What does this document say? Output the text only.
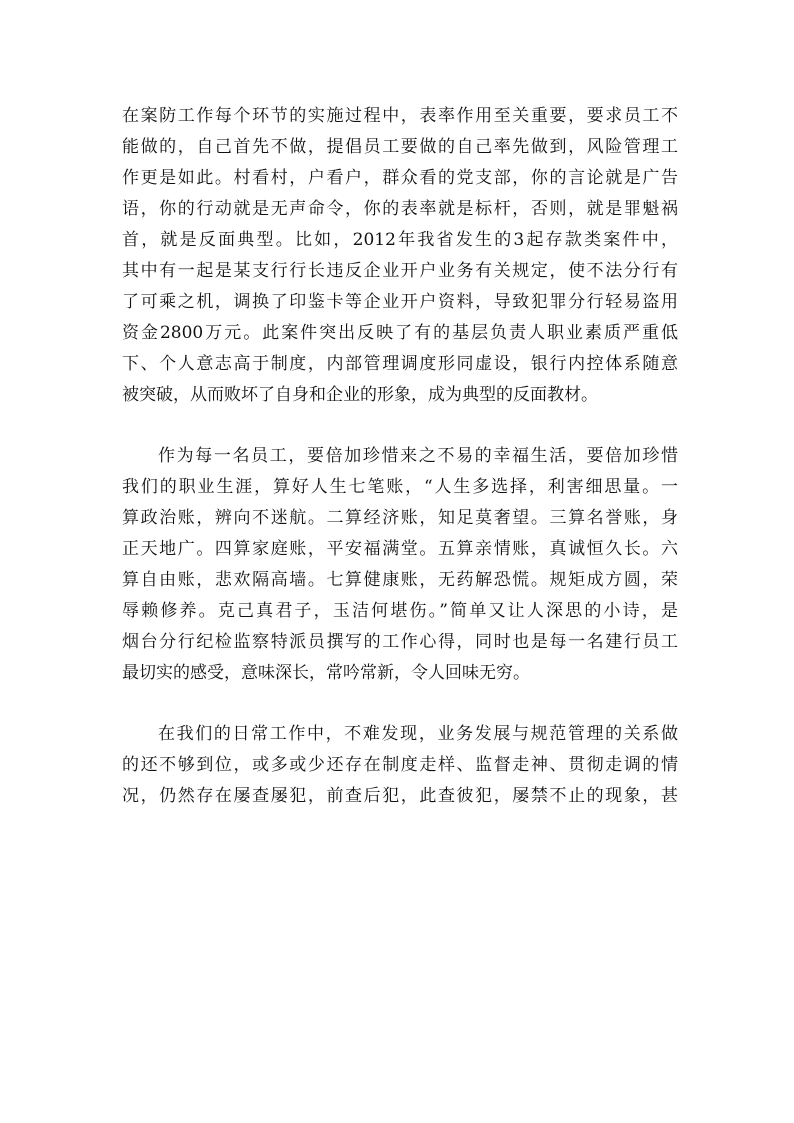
在案防工作每个环节的实施过程中，表率作用至关重要，要求员工不
能做的，自己首先不做，提倡员工要做的自己率先做到，风险管理工
作更是如此。村看村，户看户，群众看的党支部，你的言论就是广告
语，你的行动就是无声命令，你的表率就是标杆，否则，就是罪魁祸
首，就是反面典型。比如，2012年我省发生的3起存款类案件中，
其中有一起是某支行行长违反企业开户业务有关规定，使不法分行有
了可乘之机，调换了印鉴卡等企业开户资料，导致犯罪分行轻易盗用
资金2800万元。此案件突出反映了有的基层负责人职业素质严重低
下、个人意志高于制度，内部管理调度形同虚设，银行内控体系随意
被突破，从而败坏了自身和企业的形象，成为典型的反面教材。
作为每一名员工，要倍加珍惜来之不易的幸福生活，要倍加珍惜
我们的职业生涯，算好人生七笔账，“人生多选择，利害细思量。一
算政治账，辨向不迷航。二算经济账，知足莫奢望。三算名誉账，身
正天地广。四算家庭账，平安福满堂。五算亲情账，真诚恒久长。六
算自由账，悲欢隔高墙。七算健康账，无药解恐慌。规矩成方圆，荣
辱赖修养。克己真君子，玉洁何堪伤。”简单又让人深思的小诗，是
烟台分行纪检监察特派员撰写的工作心得，同时也是每一名建行员工
最切实的感受，意味深长，常吟常新，令人回味无穷。
在我们的日常工作中，不难发现，业务发展与规范管理的关系做
的还不够到位，或多或少还存在制度走样、监督走神、贯彻走调的情
况，仍然存在屡查屡犯，前查后犯，此查彼犯，屡禁不止的现象，甚
